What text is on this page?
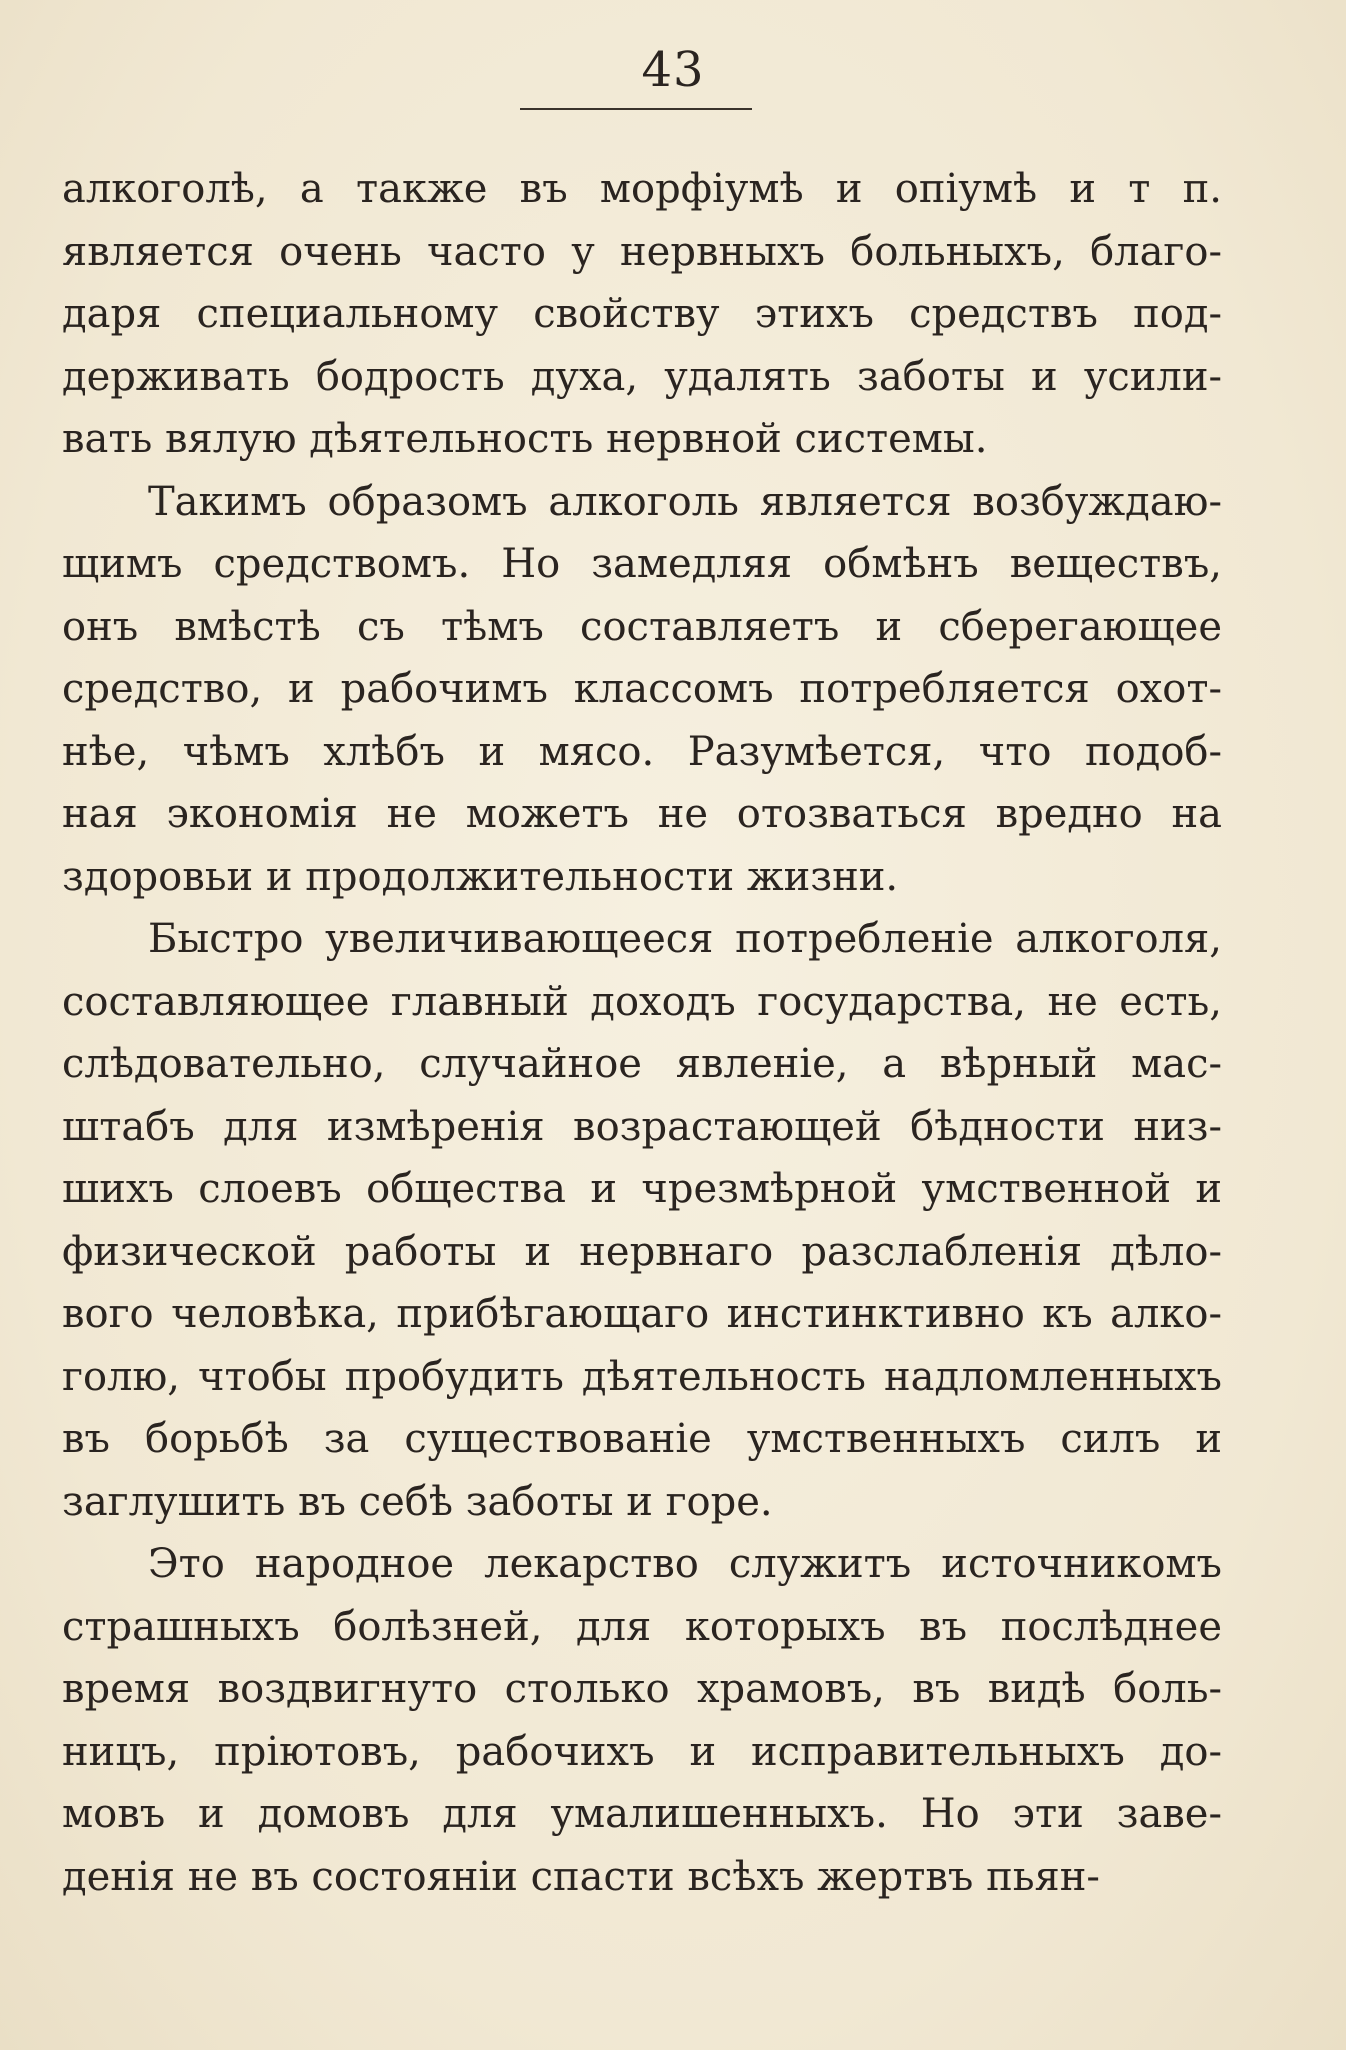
43
алкоголѣ, а также въ морфіумѣ и опіумѣ и т п.
является очень часто у нервныхъ больныхъ, благо-
даря специальному свойству этихъ средствъ под-
держивать бодрость духа, удалять заботы и усили-
вать вялую дѣятельность нервной системы.
Такимъ образомъ алкоголь является возбуждаю-
щимъ средствомъ. Но замедляя обмѣнъ веществъ,
онъ вмѣстѣ съ тѣмъ составляетъ и сберегающее
средство, и рабочимъ классомъ потребляется охот-
нѣе, чѣмъ хлѣбъ и мясо. Разумѣется, что подоб-
ная экономія не можетъ не отозваться вредно на
здоровьи и продолжительности жизни.
Быстро увеличивающееся потребленіе алкоголя,
составляющее главный доходъ государства, не есть,
слѣдовательно, случайное явленіе, а вѣрный мас-
штабъ для измѣренія возрастающей бѣдности низ-
шихъ слоевъ общества и чрезмѣрной умственной и
физической работы и нервнаго разслабленія дѣло-
вого человѣка, прибѣгающаго инстинктивно къ алко-
голю, чтобы пробудить дѣятельность надломленныхъ
въ борьбѣ за существованіе умственныхъ силъ и
заглушить въ себѣ заботы и горе.
Это народное лекарство служитъ источникомъ
страшныхъ болѣзней, для которыхъ въ послѣднее
время воздвигнуто столько храмовъ, въ видѣ боль-
ницъ, пріютовъ, рабочихъ и исправительныхъ до-
мовъ и домовъ для умалишенныхъ. Но эти заве-
денія не въ состояніи спасти всѣхъ жертвъ пьян-
